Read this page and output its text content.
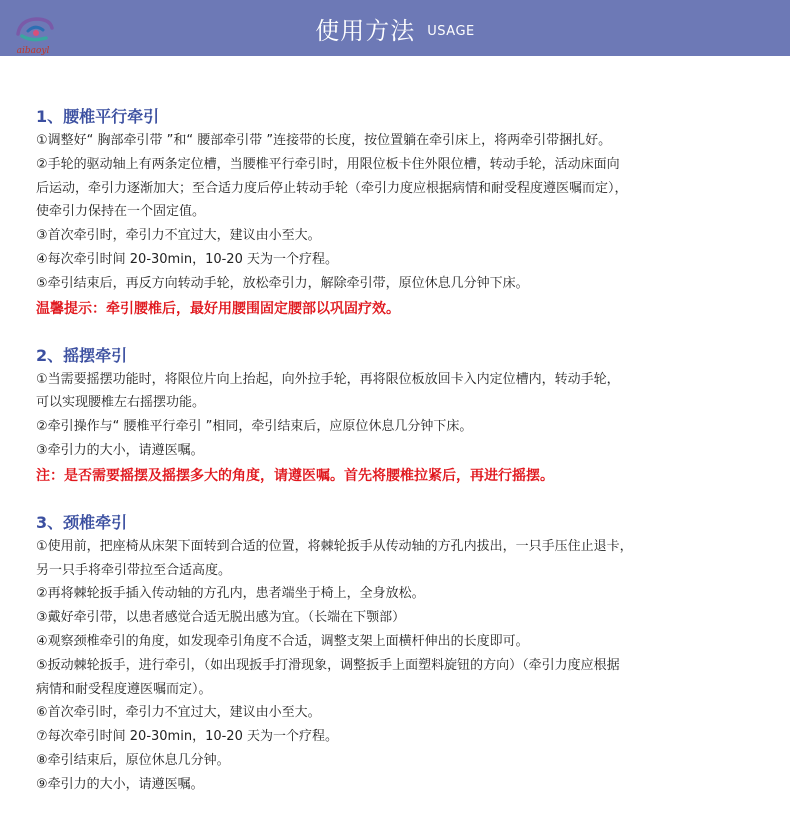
使用方法 USAGE
aibaoyl
1、腰椎平行牵引
①调整好“ 胸部牵引带 ”和“ 腰部牵引带 ”连接带的长度，按位置躺在牵引床上，将两牵引带捆扎好。
②手轮的驱动轴上有两条定位槽，当腰椎平行牵引时，用限位板卡住外限位槽，转动手轮，活动床面向
后运动，牵引力逐渐加大；至合适力度后停止转动手轮（牵引力度应根据病情和耐受程度遵医嘱而定），
使牵引力保持在一个固定值。
③首次牵引时，牵引力不宜过大，建议由小至大。
④每次牵引时间 20-30min，10-20 天为一个疗程。
⑤牵引结束后，再反方向转动手轮，放松牵引力，解除牵引带，原位休息几分钟下床。
温馨提示：牵引腰椎后，最好用腰围固定腰部以巩固疗效。
2、摇摆牵引
①当需要摇摆功能时，将限位片向上抬起，向外拉手轮，再将限位板放回卡入内定位槽内，转动手轮，
可以实现腰椎左右摇摆功能。
②牵引操作与“ 腰椎平行牵引 ”相同，牵引结束后，应原位休息几分钟下床。
③牵引力的大小，请遵医嘱。
注：是否需要摇摆及摇摆多大的角度，请遵医嘱。首先将腰椎拉紧后，再进行摇摆。
3、颈椎牵引
①使用前，把座椅从床架下面转到合适的位置，将棘轮扳手从传动轴的方孔内拔出，一只手压住止退卡，
另一只手将牵引带拉至合适高度。
②再将棘轮扳手插入传动轴的方孔内，患者端坐于椅上，全身放松。
③戴好牵引带，以患者感觉合适无脱出感为宜。（长端在下颚部）
④观察颈椎牵引的角度，如发现牵引角度不合适，调整支架上面横杆伸出的长度即可。
⑤扳动棘轮扳手，进行牵引，（如出现扳手打滑现象，调整扳手上面塑料旋钮的方向）（牵引力度应根据
病情和耐受程度遵医嘱而定）。
⑥首次牵引时，牵引力不宜过大，建议由小至大。
⑦每次牵引时间 20-30min，10-20 天为一个疗程。
⑧牵引结束后，原位休息几分钟。
⑨牵引力的大小，请遵医嘱。
